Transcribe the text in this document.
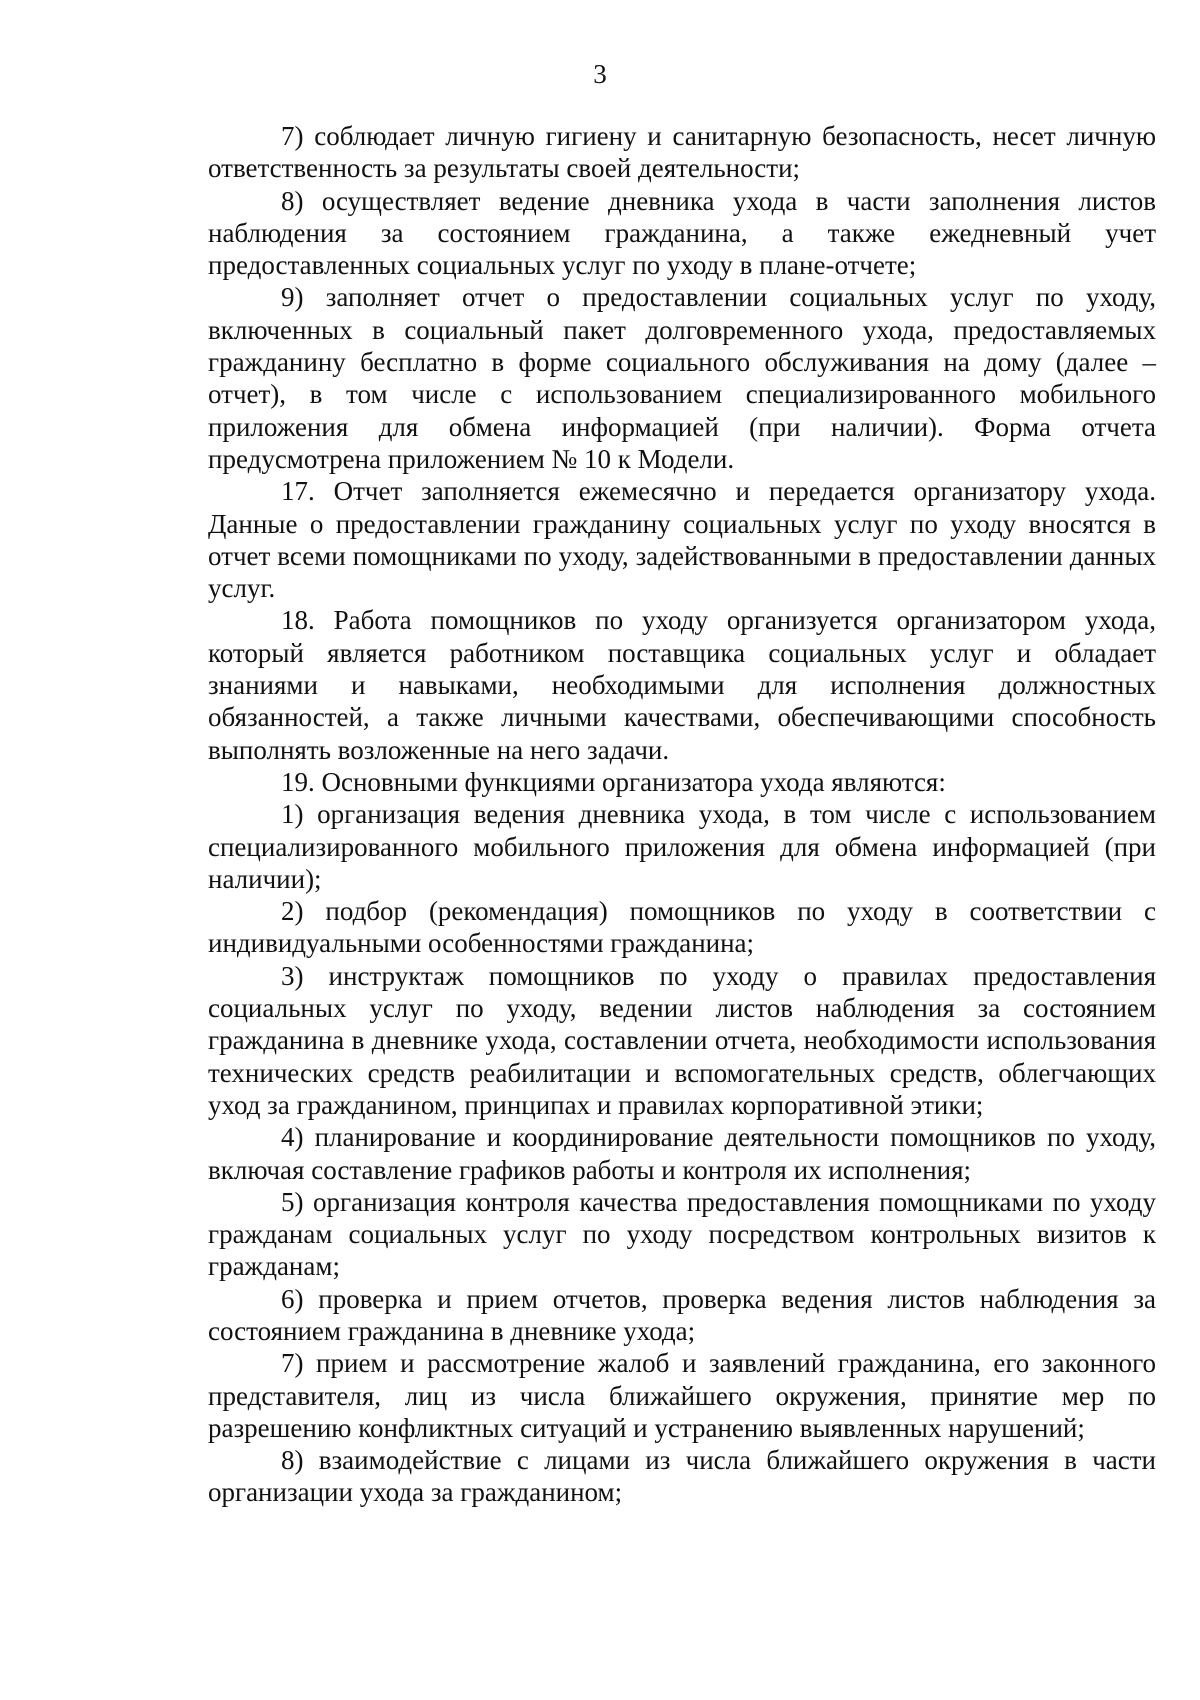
3

7) соблюдает личную гигиену и санитарную безопасность, несет личную ответственность за результаты своей деятельности;

8) осуществляет ведение дневника ухода в части заполнения листов наблюдения за состоянием гражданина, а также ежедневный учет предоставленных социальных услуг по уходу в плане-отчете;

9) заполняет отчет о предоставлении социальных услуг по уходу, включенных в социальный пакет долговременного ухода, предоставляемых гражданину бесплатно в форме социального обслуживания на дому (далее – отчет), в том числе с использованием специализированного мобильного приложения для обмена информацией (при наличии). Форма отчета предусмотрена приложением № 10 к Модели.

17. Отчет заполняется ежемесячно и передается организатору ухода. Данные о предоставлении гражданину социальных услуг по уходу вносятся в отчет всеми помощниками по уходу, задействованными в предоставлении данных услуг.

18. Работа помощников по уходу организуется организатором ухода, который является работником поставщика социальных услуг и обладает знаниями и навыками, необходимыми для исполнения должностных обязанностей, а также личными качествами, обеспечивающими способность выполнять возложенные на него задачи.

19. Основными функциями организатора ухода являются:

1) организация ведения дневника ухода, в том числе с использованием специализированного мобильного приложения для обмена информацией (при наличии);

2) подбор (рекомендация) помощников по уходу в соответствии с индивидуальными особенностями гражданина;

3) инструктаж помощников по уходу о правилах предоставления социальных услуг по уходу, ведении листов наблюдения за состоянием гражданина в дневнике ухода, составлении отчета, необходимости использования технических средств реабилитации и вспомогательных средств, облегчающих уход за гражданином, принципах и правилах корпоративной этики;

4) планирование и координирование деятельности помощников по уходу, включая составление графиков работы и контроля их исполнения;

5) организация контроля качества предоставления помощниками по уходу гражданам социальных услуг по уходу посредством контрольных визитов к гражданам;

6) проверка и прием отчетов, проверка ведения листов наблюдения за состоянием гражданина в дневнике ухода;

7) прием и рассмотрение жалоб и заявлений гражданина, его законного представителя, лиц из числа ближайшего окружения, принятие мер по разрешению конфликтных ситуаций и устранению выявленных нарушений;

8) взаимодействие с лицами из числа ближайшего окружения в части организации ухода за гражданином;
